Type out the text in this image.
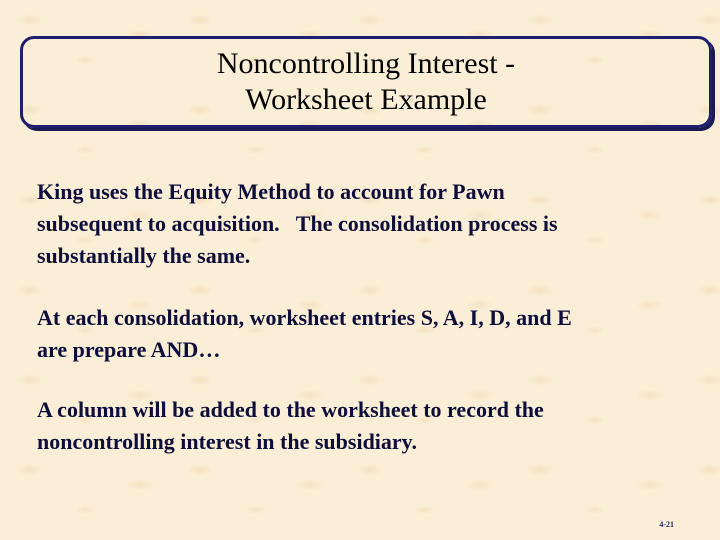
Noncontrolling Interest -
Worksheet Example
King uses the Equity Method to account for Pawn
subsequent to acquisition.   The consolidation process is
substantially the same.
At each consolidation, worksheet entries S, A, I, D, and E
are prepare AND…
A column will be added to the worksheet to record the
noncontrolling interest in the subsidiary.
4-21
